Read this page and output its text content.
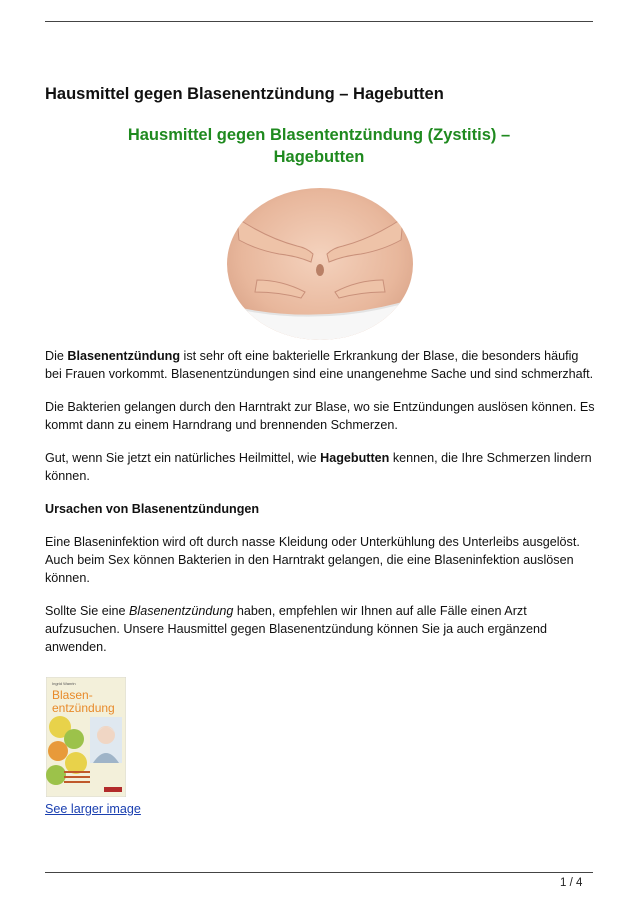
Hausmittel gegen Blasenentzündung – Hagebutten
Hausmittel gegen Blasententzündung (Zystitis) –
Hagebutten

Die Blasenentzündung ist sehr oft eine bakterielle Erkrankung der Blase, die besonders häufig bei Frauen vorkommt. Blasenentzündungen sind eine unangenehme Sache und sind schmerzhaft.

Die Bakterien gelangen durch den Harntrakt zur Blase, wo sie Entzündungen auslösen können. Es kommt dann zu einem Harndrang und brennenden Schmerzen.

Gut, wenn Sie jetzt ein natürliches Heilmittel, wie Hagebutten kennen, die Ihre Schmerzen lindern können.

Ursachen von Blasenentzündungen

Eine Blaseninfektion wird oft durch nasse Kleidung oder Unterkühlung des Unterleibs ausgelöst. Auch beim Sex können Bakterien in den Harntrakt gelangen, die eine Blaseninfektion auslösen können.

Sollte Sie eine Blasenentzündung haben, empfehlen wir Ihnen auf alle Fälle einen Arzt aufzusuchen. Unsere Hausmittel gegen Blasenentzündung können Sie ja auch ergänzend anwenden.

Ingrid Wanrin
Blasen-
entzündung
See larger image
1 / 4
